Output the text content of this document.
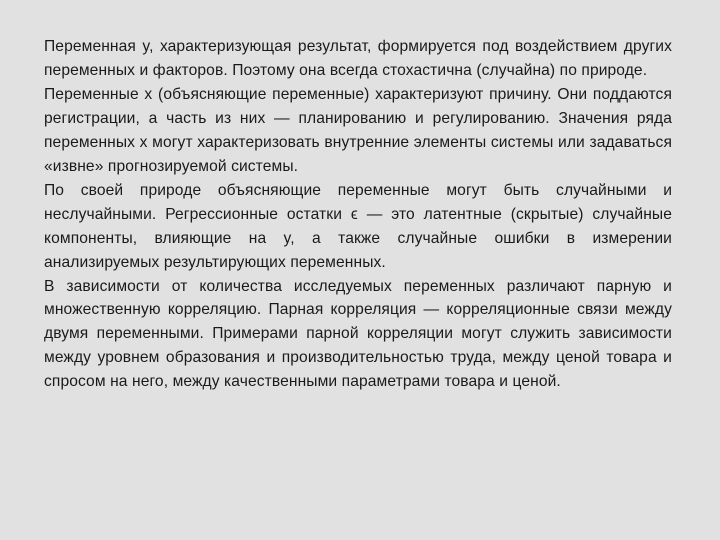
Переменная y, характеризующая результат, формируется под воздействием других переменных и факторов. Поэтому она всегда стохастична (случайна) по природе.

Переменные x (объясняющие переменные) характеризуют причину. Они поддаются регистрации, а часть из них — планированию и регулированию. Значения ряда переменных x могут характеризовать внутренние элементы системы или задаваться «извне» прогнозируемой системы.

По своей природе объясняющие переменные могут быть случайными и неслучайными. Регрессионные остатки ϵ — это латентные (скрытые) случайные компоненты, влияющие на y, а также случайные ошибки в измерении анализируемых результирующих переменных.

В зависимости от количества исследуемых переменных различают парную и множественную корреляцию. Парная корреляция — корреляционные связи между двумя переменными. Примерами парной корреляции могут служить зависимости между уровнем образования и производительностью труда, между ценой товара и спросом на него, между качественными параметрами товара и ценой.
